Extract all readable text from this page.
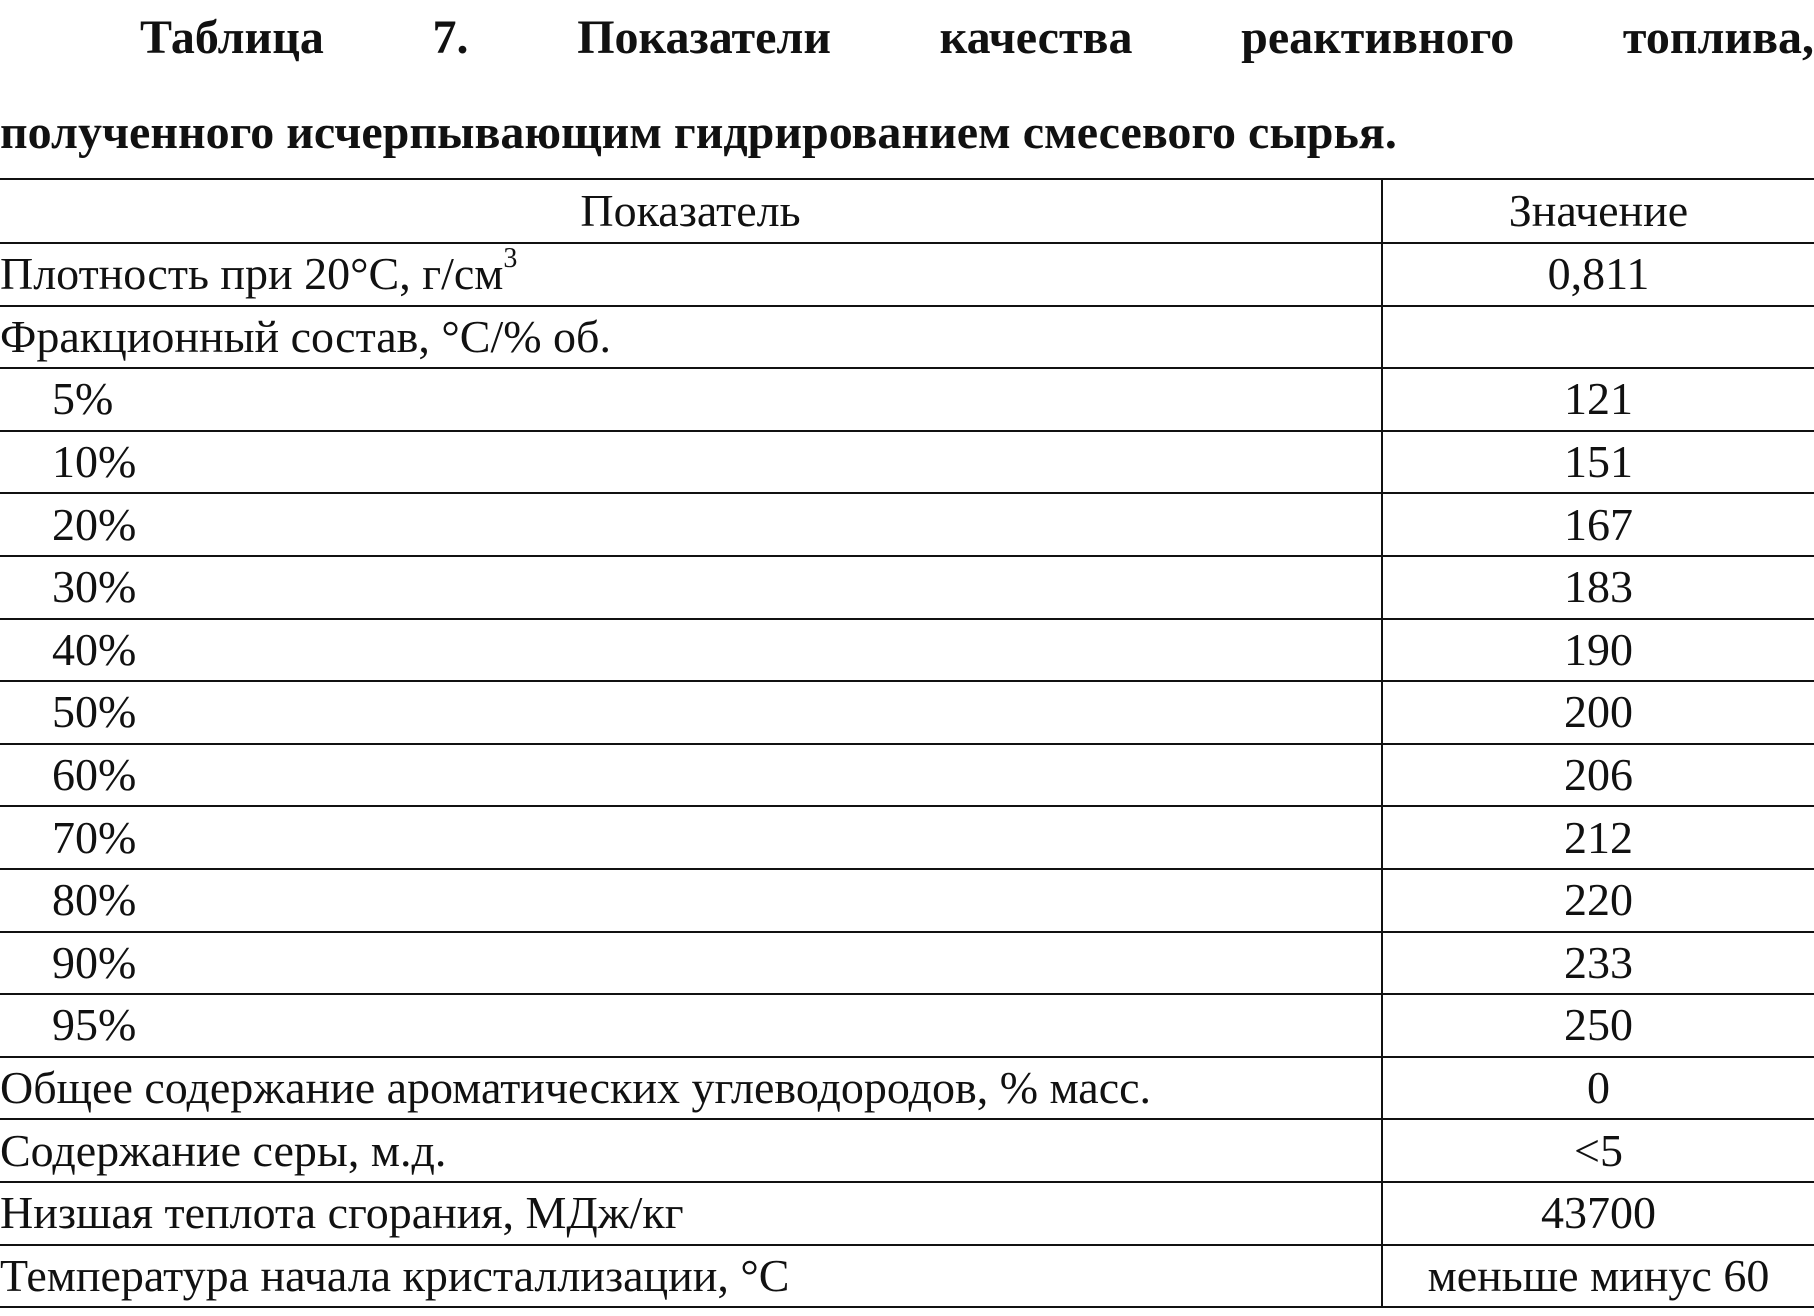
Таблица 7. Показатели качества реактивного топлива,
полученного исчерпывающим гидрированием смесевого сырья.
Показатель	Значение
Плотность при 20°С, $г/см^3$	0,811
Фракционный состав, °С/% об.	
5%	121
10%	151
20%	167
30%	183
40%	190
50%	200
60%	206
70%	212
80%	220
90%	233
95%	250
Общее содержание ароматических углеводородов, % масс.	0
Содержание серы, м.д.	<5
Низшая теплота сгорания, МДж/кг	43700
Температура начала кристаллизации, °С	меньше минус 60
